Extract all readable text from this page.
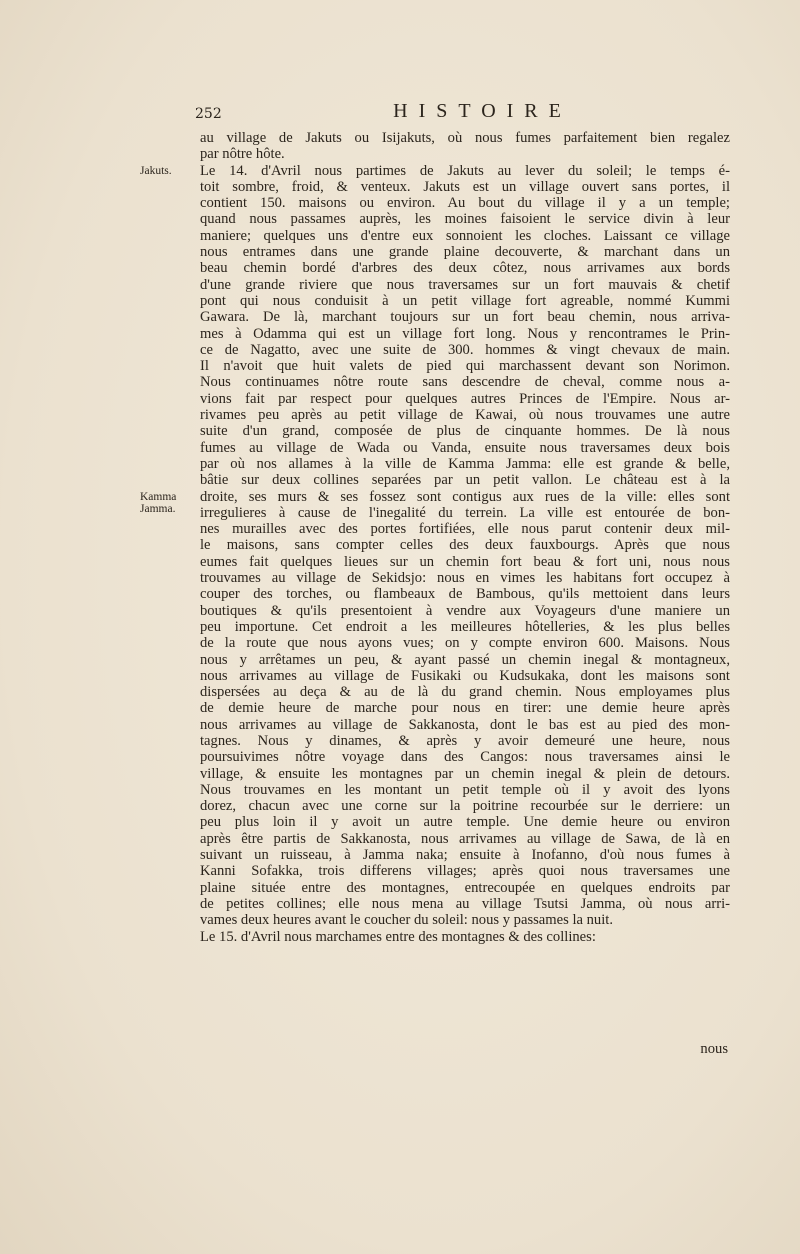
252	HISTOIRE
Jakuts.
Kamma Jamma.
au village de Jakuts ou Isijakuts, où nous fumes parfaitement bien regalez
par nôtre hôte.
Le 14. d'Avril nous partimes de Jakuts au lever du soleil; le temps é-
toit sombre, froid, & venteux. Jakuts est un village ouvert sans portes, il
contient 150. maisons ou environ. Au bout du village il y a un temple;
quand nous passames auprès, les moines faisoient le service divin à leur
maniere; quelques uns d'entre eux sonnoient les cloches. Laissant ce village
nous entrames dans une grande plaine decouverte, & marchant dans un
beau chemin bordé d'arbres des deux côtez, nous arrivames aux bords
d'une grande riviere que nous traversames sur un fort mauvais & chetif
pont qui nous conduisit à un petit village fort agreable, nommé Kummi
Gawara. De là, marchant toujours sur un fort beau chemin, nous arriva-
mes à Odamma qui est un village fort long. Nous y rencontrames le Prin-
ce de Nagatto, avec une suite de 300. hommes & vingt chevaux de main.
Il n'avoit que huit valets de pied qui marchassent devant son Norimon.
Nous continuames nôtre route sans descendre de cheval, comme nous a-
vions fait par respect pour quelques autres Princes de l'Empire. Nous ar-
rivames peu après au petit village de Kawai, où nous trouvames une autre
suite d'un grand, composée de plus de cinquante hommes. De là nous
fumes au village de Wada ou Vanda, ensuite nous traversames deux bois
par où nos allames à la ville de Kamma Jamma: elle est grande & belle,
bâtie sur deux collines separées par un petit vallon. Le château est à la
droite, ses murs & ses fossez sont contigus aux rues de la ville: elles sont
irregulieres à cause de l'inegalité du terrein. La ville est entourée de bon-
nes murailles avec des portes fortifiées, elle nous parut contenir deux mil-
le maisons, sans compter celles des deux fauxbourgs. Après que nous
eumes fait quelques lieues sur un chemin fort beau & fort uni, nous nous
trouvames au village de Sekidsjo: nous en vimes les habitans fort occupez à
couper des torches, ou flambeaux de Bambous, qu'ils mettoient dans leurs
boutiques & qu'ils presentoient à vendre aux Voyageurs d'une maniere un
peu importune. Cet endroit a les meilleures hôtelleries, & les plus belles
de la route que nous ayons vues; on y compte environ 600. Maisons. Nous
nous y arrêtames un peu, & ayant passé un chemin inegal & montagneux,
nous arrivames au village de Fusikaki ou Kudsukaka, dont les maisons sont
dispersées au deça & au de là du grand chemin. Nous employames plus
de demie heure de marche pour nous en tirer: une demie heure après
nous arrivames au village de Sakkanosta, dont le bas est au pied des mon-
tagnes. Nous y dinames, & après y avoir demeuré une heure, nous
poursuivimes nôtre voyage dans des Cangos: nous traversames ainsi le
village, & ensuite les montagnes par un chemin inegal & plein de detours.
Nous trouvames en les montant un petit temple où il y avoit des lyons
dorez, chacun avec une corne sur la poitrine recourbée sur le derriere: un
peu plus loin il y avoit un autre temple. Une demie heure ou environ
après être partis de Sakkanosta, nous arrivames au village de Sawa, de là en
suivant un ruisseau, à Jamma naka; ensuite à Inofanno, d'où nous fumes à
Kanni Sofakka, trois differens villages; après quoi nous traversames une
plaine située entre des montagnes, entrecoupée en quelques endroits par
de petites collines; elle nous mena au village Tsutsi Jamma, où nous arri-
vames deux heures avant le coucher du soleil: nous y passames la nuit.
Le 15. d'Avril nous marchames entre des montagnes & des collines:
nous
